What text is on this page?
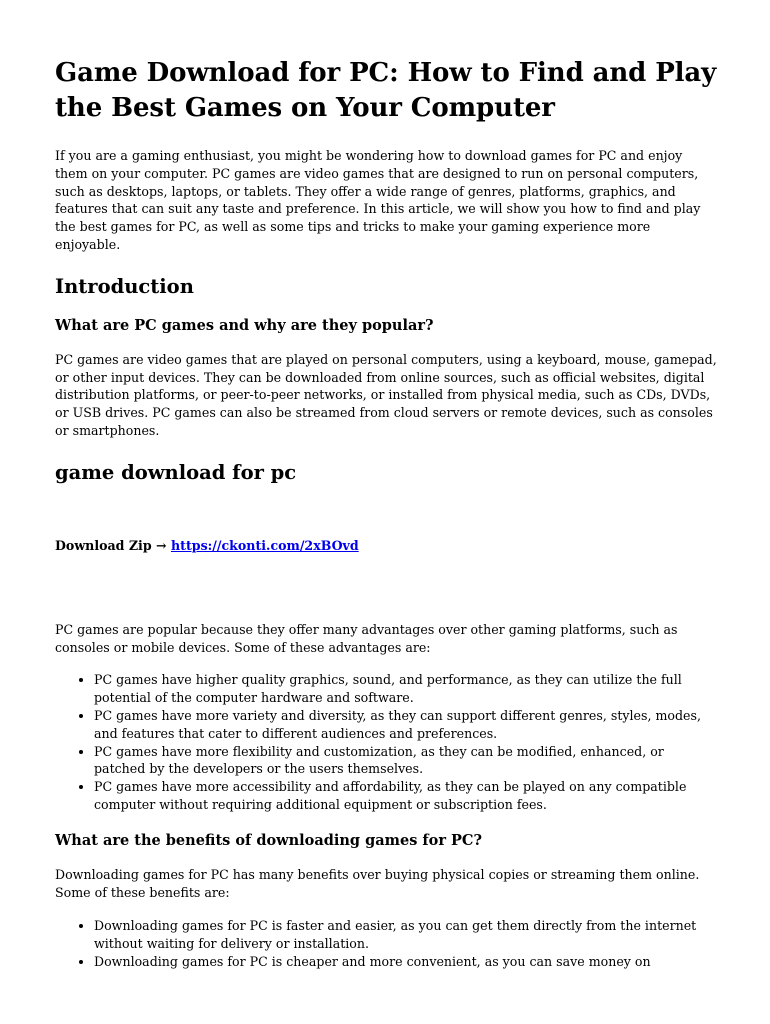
Game Download for PC: How to Find and Play the Best Games on Your Computer

If you are a gaming enthusiast, you might be wondering how to download games for PC and enjoy them on your computer. PC games are video games that are designed to run on personal computers, such as desktops, laptops, or tablets. They offer a wide range of genres, platforms, graphics, and features that can suit any taste and preference. In this article, we will show you how to find and play the best games for PC, as well as some tips and tricks to make your gaming experience more enjoyable.

Introduction
What are PC games and why are they popular?

PC games are video games that are played on personal computers, using a keyboard, mouse, gamepad, or other input devices. They can be downloaded from online sources, such as official websites, digital distribution platforms, or peer-to-peer networks, or installed from physical media, such as CDs, DVDs, or USB drives. PC games can also be streamed from cloud servers or remote devices, such as consoles or smartphones.

game download for pc

Download Zip → https://ckonti.com/2xBOvd

PC games are popular because they offer many advantages over other gaming platforms, such as consoles or mobile devices. Some of these advantages are:

• PC games have higher quality graphics, sound, and performance, as they can utilize the full potential of the computer hardware and software.
• PC games have more variety and diversity, as they can support different genres, styles, modes, and features that cater to different audiences and preferences.
• PC games have more flexibility and customization, as they can be modified, enhanced, or patched by the developers or the users themselves.
• PC games have more accessibility and affordability, as they can be played on any compatible computer without requiring additional equipment or subscription fees.
What are the benefits of downloading games for PC?

Downloading games for PC has many benefits over buying physical copies or streaming them online. Some of these benefits are:

• Downloading games for PC is faster and easier, as you can get them directly from the internet without waiting for delivery or installation.
• Downloading games for PC is cheaper and more convenient, as you can save money on
